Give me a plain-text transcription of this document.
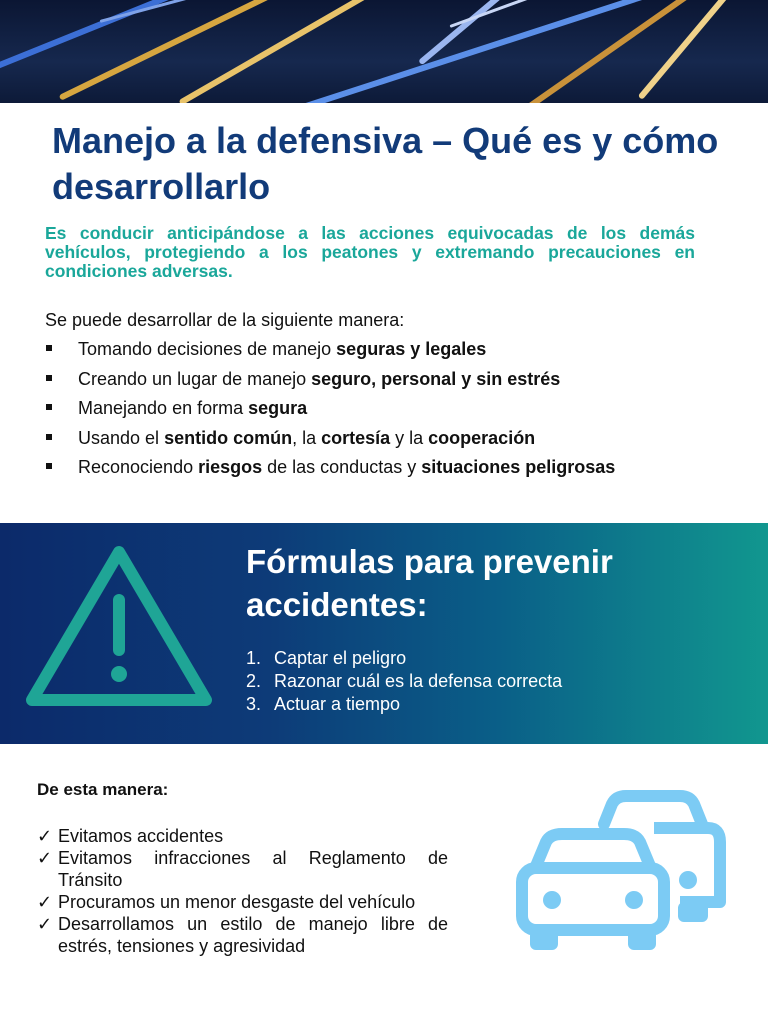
Manejo a la defensiva – Qué es y cómo desarrollarlo

Es conducir anticipándose a las acciones equivocadas de los demás vehículos, protegiendo a los peatones y extremando precauciones en condiciones adversas.

Se puede desarrollar de la siguiente manera:

Tomando decisiones de manejo seguras y legales
Creando un lugar de manejo seguro, personal y sin estrés
Manejando en forma segura
Usando el sentido común, la cortesía y la cooperación
Reconociendo riesgos de las conductas y situaciones peligrosas
Fórmulas para prevenir accidentes:
1. Captar el peligro
2. Razonar cuál es la defensa correcta
3. Actuar a tiempo
De esta manera:
✓ Evitamos accidentes
✓ Evitamos infracciones al Reglamento de Tránsito
✓ Procuramos un menor desgaste del vehículo
✓ Desarrollamos un estilo de manejo libre de estrés, tensiones y agresividad
